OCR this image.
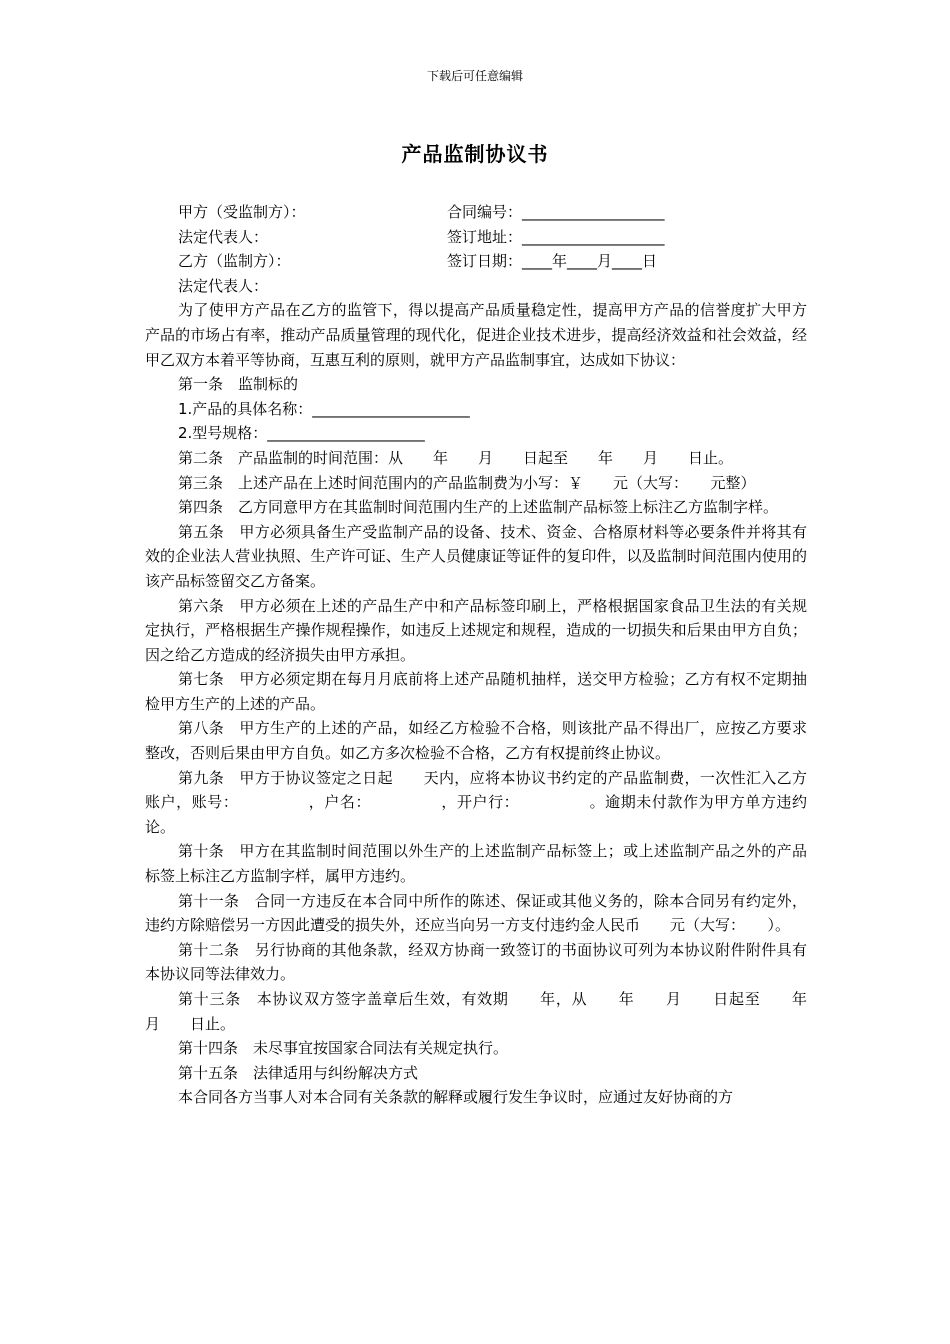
下载后可任意编辑
产品监制协议书
甲方（受监制方）：	合同编号：___________________
法定代表人：	签订地址：___________________
乙方（监制方）：	签订日期：____年____月____日
法定代表人：

为了使甲方产品在乙方的监管下，得以提高产品质量稳定性，提高甲方产品的信誉度扩大甲方产品的市场占有率，推动产品质量管理的现代化，促进企业技术进步，提高经济效益和社会效益，经甲乙双方本着平等协商，互惠互利的原则，就甲方产品监制事宜，达成如下协议：

第一条　监制标的
1.产品的具体名称：_____________________
2.型号规格：_____________________

第二条　产品监制的时间范围：从　　年　　月　　日起至　　年　　月　　日止。

第三条　上述产品在上述时间范围内的产品监制费为小写：￥　　元（大写：　　元整）

第四条　乙方同意甲方在其监制时间范围内生产的上述监制产品标签上标注乙方监制字样。

第五条　甲方必须具备生产受监制产品的设备、技术、资金、合格原材料等必要条件并将其有效的企业法人营业执照、生产许可证、生产人员健康证等证件的复印件，以及监制时间范围内使用的该产品标签留交乙方备案。

第六条　甲方必须在上述的产品生产中和产品标签印刷上，严格根据国家食品卫生法的有关规定执行，严格根据生产操作规程操作，如违反上述规定和规程，造成的一切损失和后果由甲方自负；因之给乙方造成的经济损失由甲方承担。

第七条　甲方必须定期在每月月底前将上述产品随机抽样，送交甲方检验；乙方有权不定期抽检甲方生产的上述的产品。

第八条　甲方生产的上述的产品，如经乙方检验不合格，则该批产品不得出厂，应按乙方要求整改，否则后果由甲方自负。如乙方多次检验不合格，乙方有权提前终止协议。

第九条　甲方于协议签定之日起　　天内，应将本协议书约定的产品监制费，一次性汇入乙方账户，账号：　　　　　，户名：　　　　　，开户行：　　　　　。逾期未付款作为甲方单方违约论。

第十条　甲方在其监制时间范围以外生产的上述监制产品标签上；或上述监制产品之外的产品标签上标注乙方监制字样，属甲方违约。

第十一条　合同一方违反在本合同中所作的陈述、保证或其他义务的，除本合同另有约定外，违约方除赔偿另一方因此遭受的损失外，还应当向另一方支付违约金人民币　　元（大写：　　）。

第十二条　另行协商的其他条款，经双方协商一致签订的书面协议可列为本协议附件附件具有本协议同等法律效力。

第十三条　本协议双方签字盖章后生效，有效期　　年，从　　年　　月　　日起至　　年　　月　　日止。

第十四条　未尽事宜按国家合同法有关规定执行。

第十五条　法律适用与纠纷解决方式

本合同各方当事人对本合同有关条款的解释或履行发生争议时，应通过友好协商的方
